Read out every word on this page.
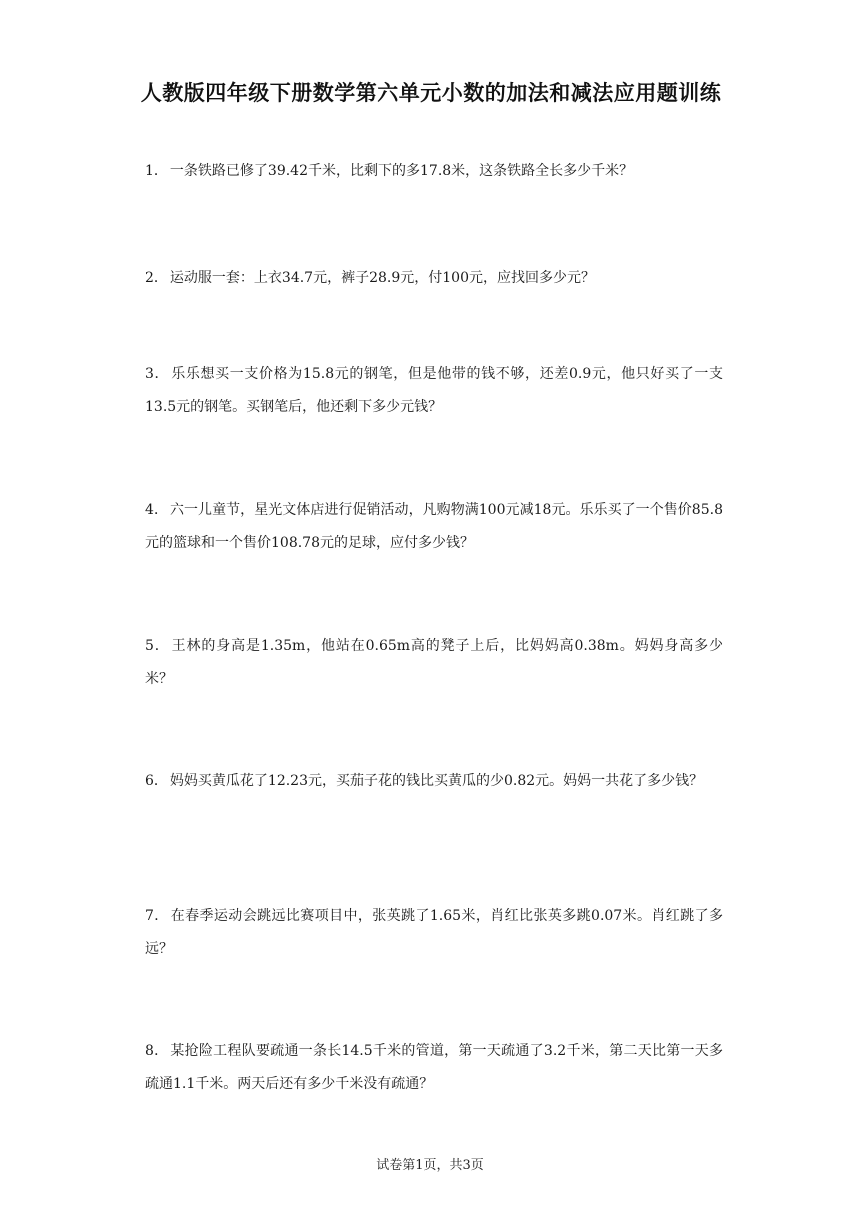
人教版四年级下册数学第六单元小数的加法和减法应用题训练
1． 一条铁路已修了39.42千米，比剩下的多17.8米，这条铁路全长多少千米？
2． 运动服一套：上衣34.7元，裤子28.9元，付100元，应找回多少元？
3． 乐乐想买一支价格为15.8元的钢笔，但是他带的钱不够，还差0.9元，他只好买了一支13.5元的钢笔。买钢笔后，他还剩下多少元钱？
4． 六一儿童节，星光文体店进行促销活动，凡购物满100元减18元。乐乐买了一个售价85.8元的篮球和一个售价108.78元的足球，应付多少钱？
5． 王林的身高是1.35m，他站在0.65m高的凳子上后，比妈妈高0.38m。妈妈身高多少米？
6． 妈妈买黄瓜花了12.23元，买茄子花的钱比买黄瓜的少0.82元。妈妈一共花了多少钱？
7． 在春季运动会跳远比赛项目中，张英跳了1.65米，肖红比张英多跳0.07米。肖红跳了多远？
8． 某抢险工程队要疏通一条长14.5千米的管道，第一天疏通了3.2千米，第二天比第一天多疏通1.1千米。两天后还有多少千米没有疏通？
试卷第1页，共3页
